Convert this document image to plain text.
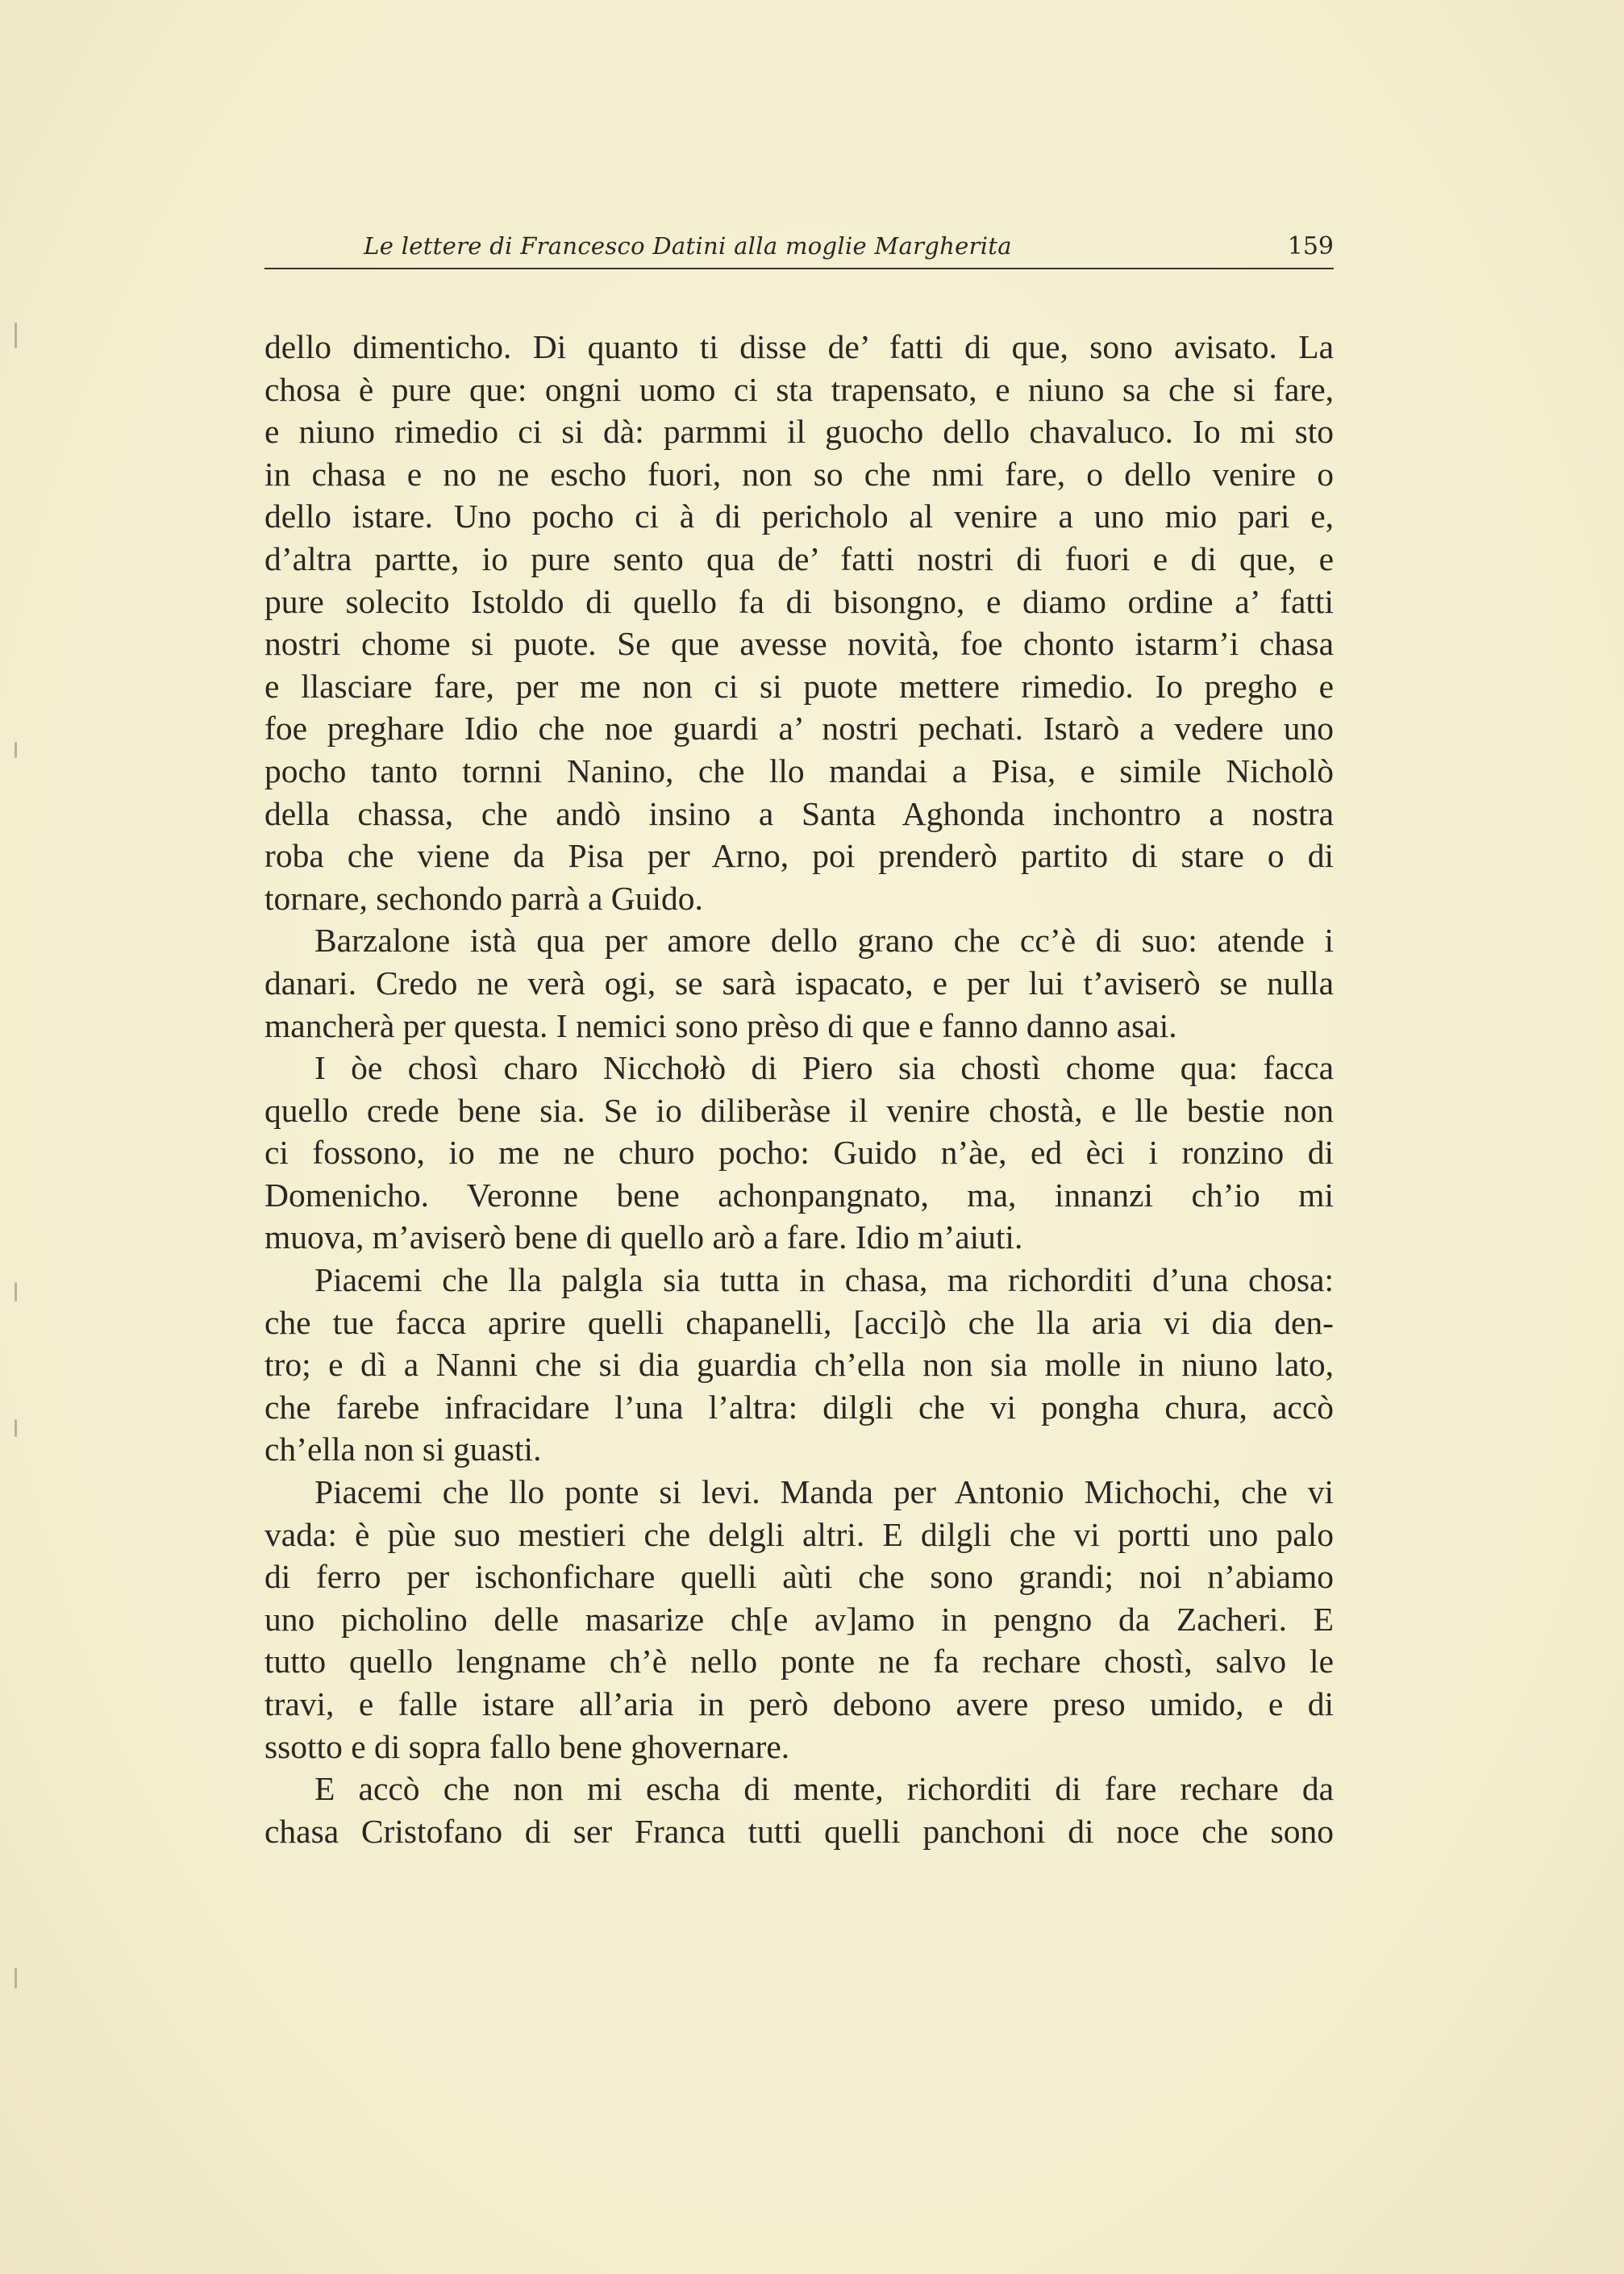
Le lettere di Francesco Datini alla moglie Margherita	159
dello dimenticho. Di quanto ti disse de’ fatti di que, sono avisato. La
chosa è pure que: ongni uomo ci sta trapensato, e niuno sa che si fare,
e niuno rimedio ci si dà: parmmi il guocho dello chavaluco. Io mi sto
in chasa e no ne escho fuori, non so che nmi fare, o dello venire o
dello istare. Uno pocho ci à di pericholo al venire a uno mio pari e,
d’altra partte, io pure sento qua de’ fatti nostri di fuori e di que, e
pure solecito Istoldo di quello fa di bisongno, e diamo ordine a’ fatti
nostri chome si puote. Se que avesse novità, foe chonto istarm’i chasa
e llasciare fare, per me non ci si puote mettere rimedio. Io pregho e
foe preghare Idio che noe guardi a’ nostri pechati. Istarò a vedere uno
pocho tanto tornni Nanino, che llo mandai a Pisa, e simile Nicholò
della chassa, che andò insino a Santa Aghonda inchontro a nostra
roba che viene da Pisa per Arno, poi prenderò partito di stare o di
tornare, sechondo parrà a Guido.
Barzalone istà qua per amore dello grano che cc’è di suo: atende i
danari. Credo ne verà ogi, se sarà ispacato, e per lui t’aviserò se nulla
mancherà per questa. I nemici sono prèso di que e fanno danno asai.
I òe chosì charo Nicchołò di Piero sia chostì chome qua: facca
quello crede bene sia. Se io diliberàse il venire chostà, e lle bestie non
ci fossono, io me ne churo pocho: Guido n’àe, ed èci i ronzino di
Domenicho. Veronne bene achonpangnato, ma, innanzi ch’io mi
muova, m’aviserò bene di quello arò a fare. Idio m’aiuti.
Piacemi che lla palgla sia tutta in chasa, ma richorditi d’una chosa:
che tue facca aprire quelli chapanelli, [acci]ò che lla aria vi dia den-
tro; e dì a Nanni che si dia guardia ch’ella non sia molle in niuno lato,
che farebe infracidare l’una l’altra: dilgli che vi pongha chura, accò
ch’ella non si guasti.
Piacemi che llo ponte si levi. Manda per Antonio Michochi, che vi
vada: è pùe suo mestieri che delgli altri. E dilgli che vi portti uno palo
di ferro per ischonfichare quelli aùti che sono grandi; noi n’abiamo
uno picholino delle masarize ch[e av]amo in pengno da Zacheri. E
tutto quello lengname ch’è nello ponte ne fa rechare chostì, salvo le
travi, e falle istare all’aria in però debono avere preso umido, e di
ssotto e di sopra fallo bene ghovernare.
E accò che non mi escha di mente, richorditi di fare rechare da
chasa Cristofano di ser Franca tutti quelli panchoni di noce che sono
